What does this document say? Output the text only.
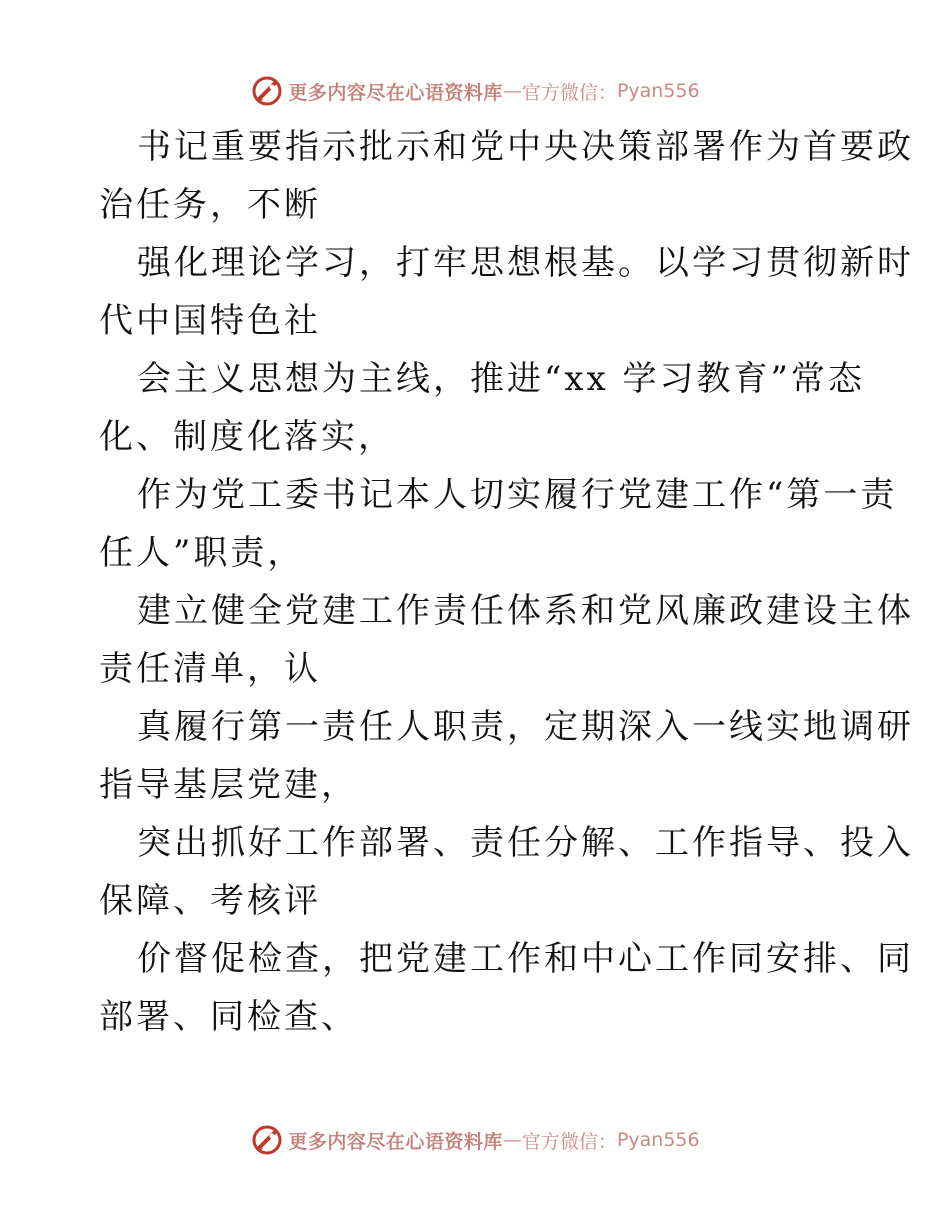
更多内容尽在心语资料库 — 官方微信： Pyan556

书记重要指示批示和党中央决策部署作为首要政
治任务，不断

强化理论学习，打牢思想根基。以学习贯彻新时
代中国特色社

会主义思想为主线，推进“xx 学习教育”常态
化、制度化落实，

作为党工委书记本人切实履行党建工作“第一责
任人”职责，

建立健全党建工作责任体系和党风廉政建设主体
责任清单，认

真履行第一责任人职责，定期深入一线实地调研
指导基层党建，

突出抓好工作部署、责任分解、工作指导、投入
保障、考核评

价督促检查，把党建工作和中心工作同安排、同
部署、同检查、

更多内容尽在心语资料库 — 官方微信： Pyan556
